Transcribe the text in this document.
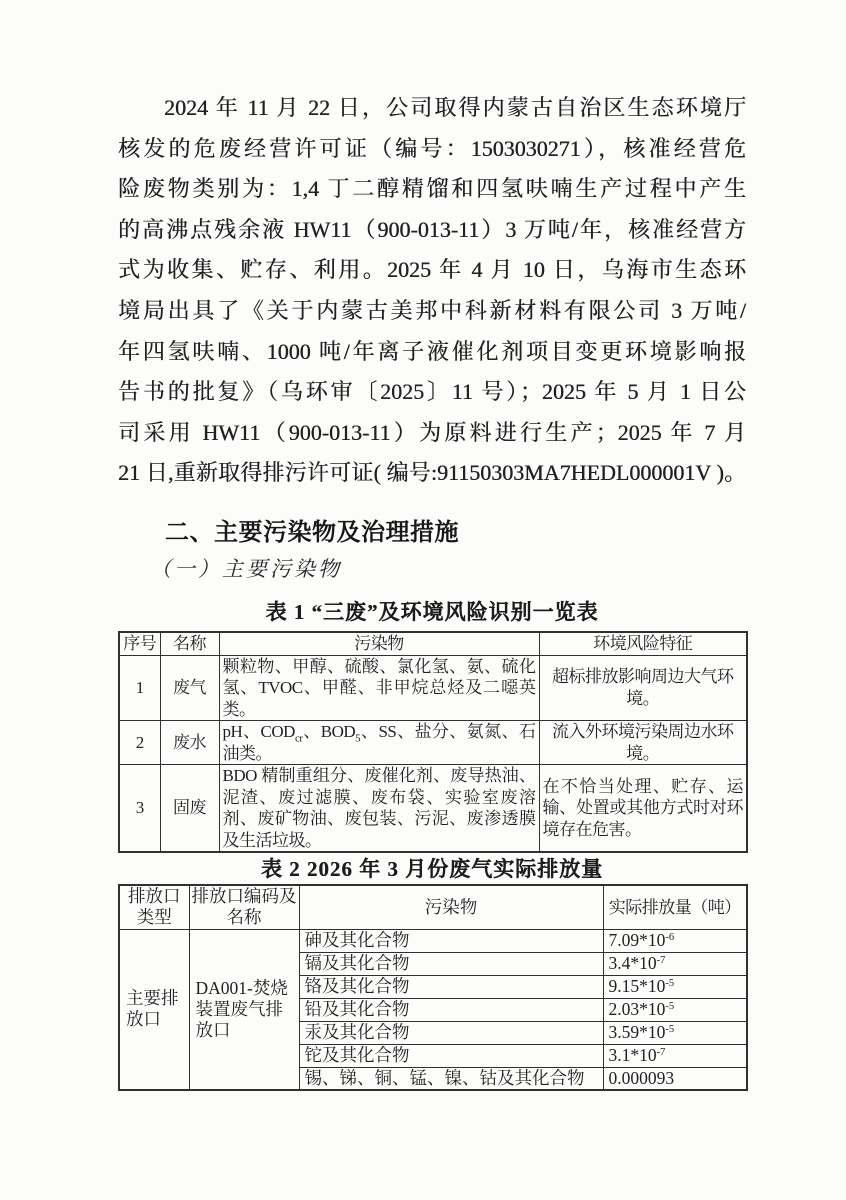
2024 年 11 月 22 日，公司取得内蒙古自治区生态环境厅
核发的危废经营许可证（编号：1503030271），核准经营危
险废物类别为：1,4 丁二醇精馏和四氢呋喃生产过程中产生
的高沸点残余液 HW11（900-013-11）3 万吨/年，核准经营方
式为收集、贮存、利用。2025 年 4 月 10 日，乌海市生态环
境局出具了《关于内蒙古美邦中科新材料有限公司 3 万吨/
年四氢呋喃、1000 吨/年离子液催化剂项目变更环境影响报
告书的批复》（乌环审〔2025〕11 号）；2025 年 5 月 1 日公
司采用 HW11（900-013-11）为原料进行生产；2025 年 7 月
21 日,重新取得排污许可证( 编号:91150303MA7HEDL000001V )。
二、主要污染物及治理措施
（一）主要污染物
表 1 “三废”及环境风险识别一览表
序号	名称	污染物	环境风险特征
1	废气	颗粒物、甲醇、硫酸、氯化氢、氨、硫化氢、TVOC、甲醛、非甲烷总烃及二噁英类。	超标排放影响周边大气环境。
2	废水	pH、$COD_{cr}$、$BOD_5$、SS、盐分、氨氮、石油类。	流入外环境污染周边水环境。
3	固废	BDO 精制重组分、废催化剂、废导热油、泥渣、废过滤膜、废布袋、实验室废溶剂、废矿物油、废包装、污泥、废渗透膜及生活垃圾。	在不恰当处理、贮存、运输、处置或其他方式时对环境存在危害。
表 2 2026 年 3 月份废气实际排放量
排放口类型	排放口编码及名称	污染物	实际排放量（吨）
主要排放口	DA001-焚烧装置废气排放口	砷及其化合物	$7.09*10^{-6}$
		镉及其化合物	$3.4*10^{-7}$
		铬及其化合物	$9.15*10^{-5}$
		铅及其化合物	$2.03*10^{-5}$
		汞及其化合物	$3.59*10^{-5}$
		铊及其化合物	$3.1*10^{-7}$
		锡、锑、铜、锰、镍、钴及其化合物	0.000093
